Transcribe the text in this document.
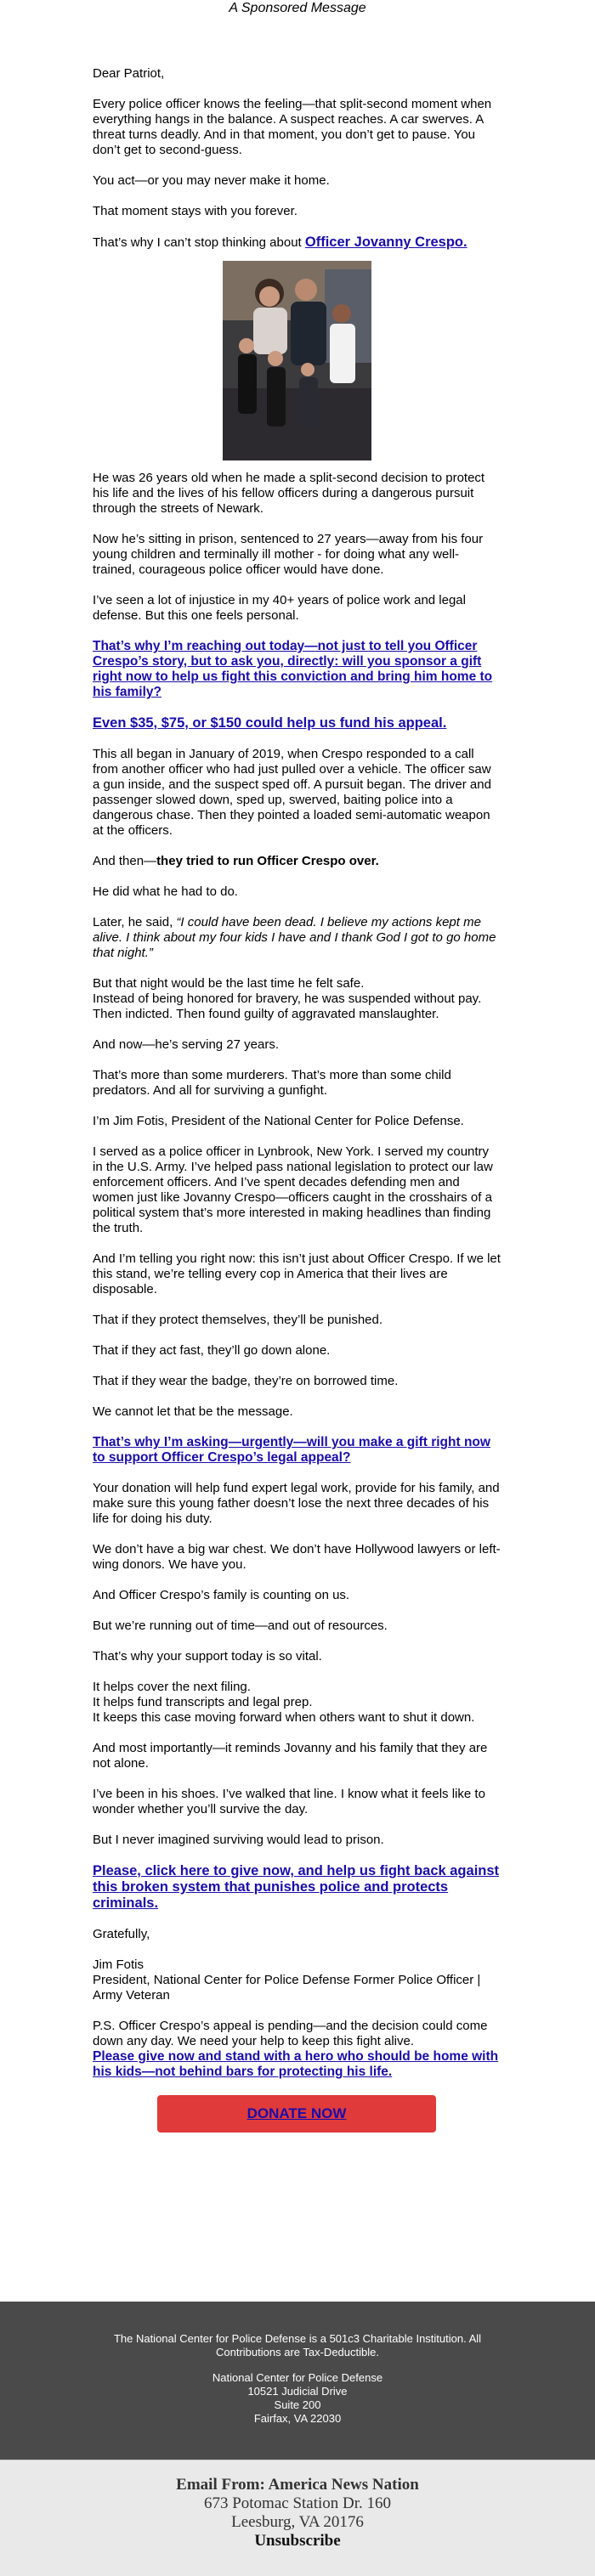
A Sponsored Message

Dear Patriot,

Every police officer knows the feeling—that split-second moment when everything hangs in the balance. A suspect reaches. A car swerves. A threat turns deadly. And in that moment, you don’t get to pause. You don’t get to second-guess.

You act—or you may never make it home.

That moment stays with you forever.

That’s why I can’t stop thinking about Officer Jovanny Crespo.

He was 26 years old when he made a split-second decision to protect his life and the lives of his fellow officers during a dangerous pursuit through the streets of Newark.

Now he’s sitting in prison, sentenced to 27 years—away from his four young children and terminally ill mother - for doing what any well-trained, courageous police officer would have done.

I’ve seen a lot of injustice in my 40+ years of police work and legal defense. But this one feels personal.

That’s why I’m reaching out today—not just to tell you Officer Crespo’s story, but to ask you, directly: will you sponsor a gift right now to help us fight this conviction and bring him home to his family?

Even $35, $75, or $150 could help us fund his appeal.

This all began in January of 2019, when Crespo responded to a call from another officer who had just pulled over a vehicle. The officer saw a gun inside, and the suspect sped off. A pursuit began. The driver and passenger slowed down, sped up, swerved, baiting police into a dangerous chase. Then they pointed a loaded semi-automatic weapon at the officers.

And then—they tried to run Officer Crespo over.

He did what he had to do.

Later, he said, “I could have been dead. I believe my actions kept me alive. I think about my four kids I have and I thank God I got to go home that night.”

But that night would be the last time he felt safe.
Instead of being honored for bravery, he was suspended without pay. Then indicted. Then found guilty of aggravated manslaughter.

And now—he’s serving 27 years.

That’s more than some murderers. That’s more than some child predators. And all for surviving a gunfight.

I’m Jim Fotis, President of the National Center for Police Defense.

I served as a police officer in Lynbrook, New York. I served my country in the U.S. Army. I’ve helped pass national legislation to protect our law enforcement officers. And I’ve spent decades defending men and women just like Jovanny Crespo—officers caught in the crosshairs of a political system that’s more interested in making headlines than finding the truth.

And I’m telling you right now: this isn’t just about Officer Crespo. If we let this stand, we’re telling every cop in America that their lives are disposable.

That if they protect themselves, they’ll be punished.

That if they act fast, they’ll go down alone.

That if they wear the badge, they’re on borrowed time.

We cannot let that be the message.

That’s why I’m asking—urgently—will you make a gift right now to support Officer Crespo’s legal appeal?

Your donation will help fund expert legal work, provide for his family, and make sure this young father doesn’t lose the next three decades of his life for doing his duty.

We don’t have a big war chest. We don’t have Hollywood lawyers or left-wing donors. We have you.

And Officer Crespo’s family is counting on us.

But we’re running out of time—and out of resources.

That’s why your support today is so vital.

It helps cover the next filing.
It helps fund transcripts and legal prep.
It keeps this case moving forward when others want to shut it down.

And most importantly—it reminds Jovanny and his family that they are not alone.

I’ve been in his shoes. I’ve walked that line. I know what it feels like to wonder whether you’ll survive the day.

But I never imagined surviving would lead to prison.

Please, click here to give now, and help us fight back against this broken system that punishes police and protects criminals.

Gratefully,

Jim Fotis
President, National Center for Police Defense Former Police Officer | Army Veteran

P.S. Officer Crespo’s appeal is pending—and the decision could come down any day. We need your help to keep this fight alive.
Please give now and stand with a hero who should be home with his kids—not behind bars for protecting his life.

DONATE NOW
The National Center for Police Defense is a 501c3 Charitable Institution. All Contributions are Tax-Deductible.
National Center for Police Defense
10521 Judicial Drive
Suite 200
Fairfax, VA 22030
Email From: America News Nation
673 Potomac Station Dr. 160
Leesburg, VA 20176
Unsubscribe
